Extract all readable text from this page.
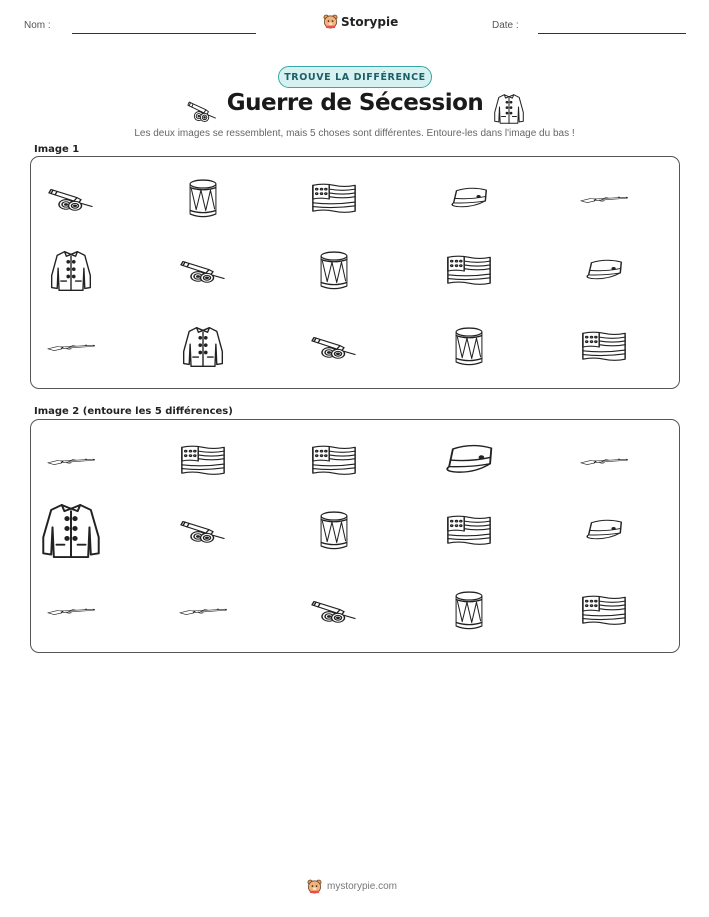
Nom :	Storypie	Date :
TROUVE LA DIFFÉRENCE
Guerre de Sécession
Les deux images se ressemblent, mais 5 choses sont différentes. Entoure-les dans l'image du bas !
Image 1
Image 2 (entoure les 5 différences)
mystorypie.com
